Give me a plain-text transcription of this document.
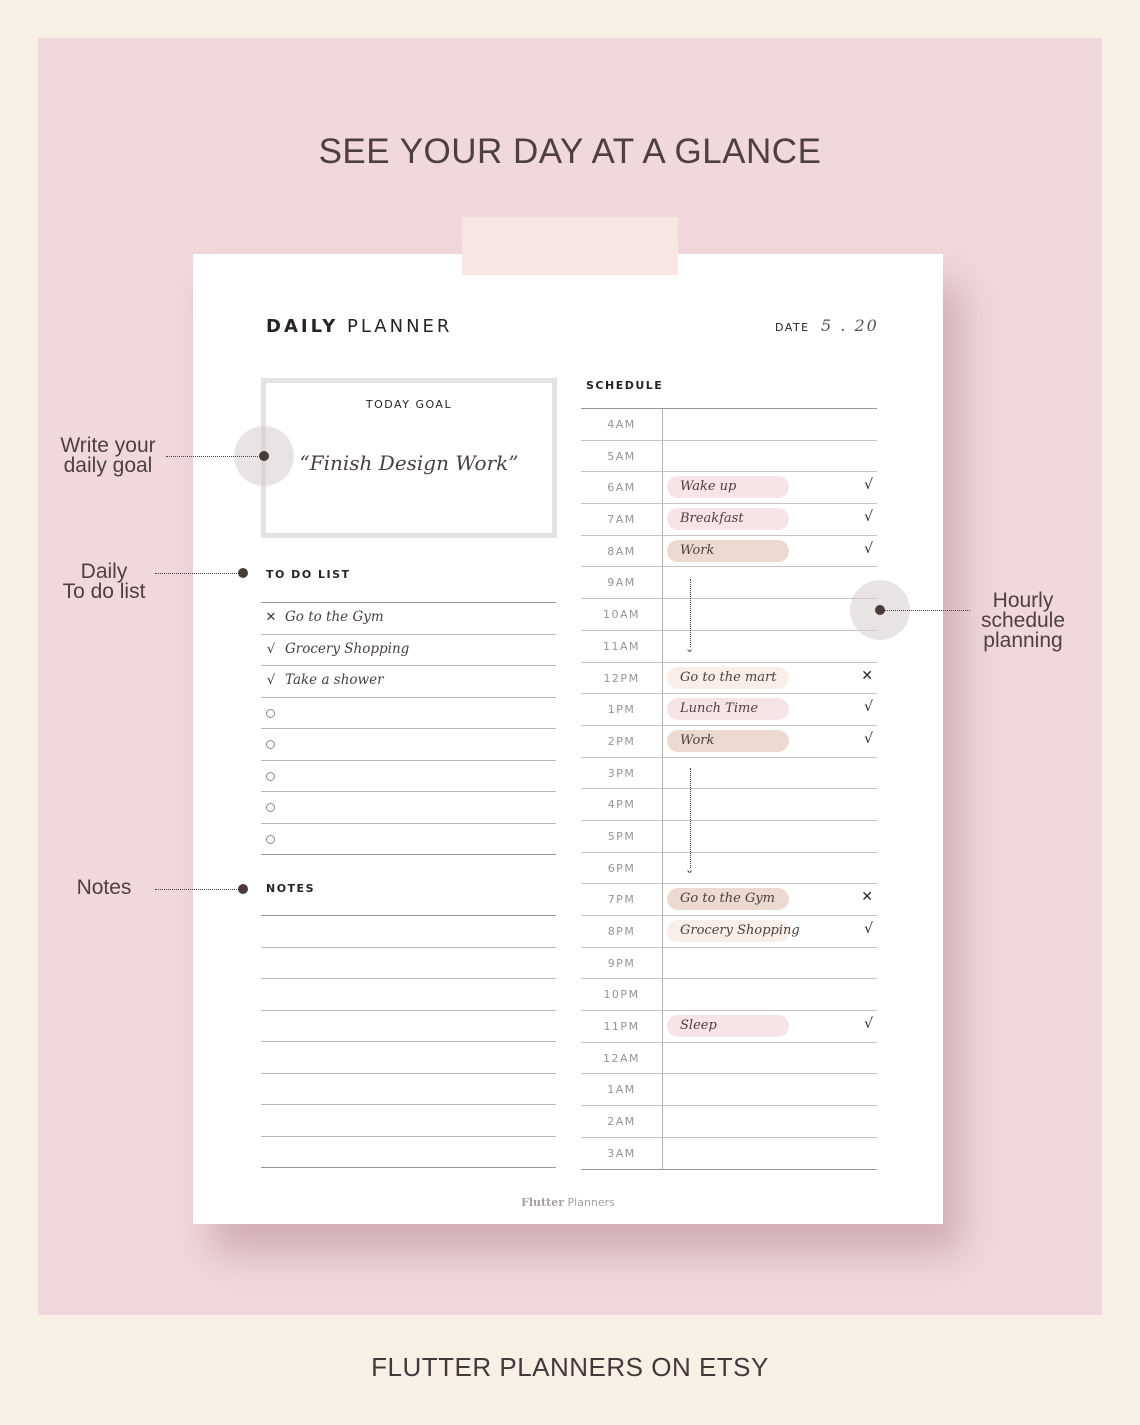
SEE YOUR DAY AT A GLANCE
DAILY PLANNER	DATE 5 . 20
TODAY GOAL
“Finish Design Work”
TO DO LIST
✕ Go to the Gym
√ Grocery Shopping
√ Take a shower
NOTES
SCHEDULE
4AM
5AM
6AM	Wake up	√
7AM	Breakfast	√
8AM	Work	√
9AM
10AM
11AM
12PM	Go to the mart	✕
1PM	Lunch Time	√
2PM	Work	√
3PM
4PM
5PM
6PM
7PM	Go to the Gym	✕
8PM	Grocery Shopping	√
9PM
10PM
11PM	Sleep	√
12AM
1AM
2AM
3AM
⌄
⌄
Flutter Planners
Write your
daily goal
Daily
To do list
Notes
Hourly
schedule
planning
FLUTTER PLANNERS ON ETSY
